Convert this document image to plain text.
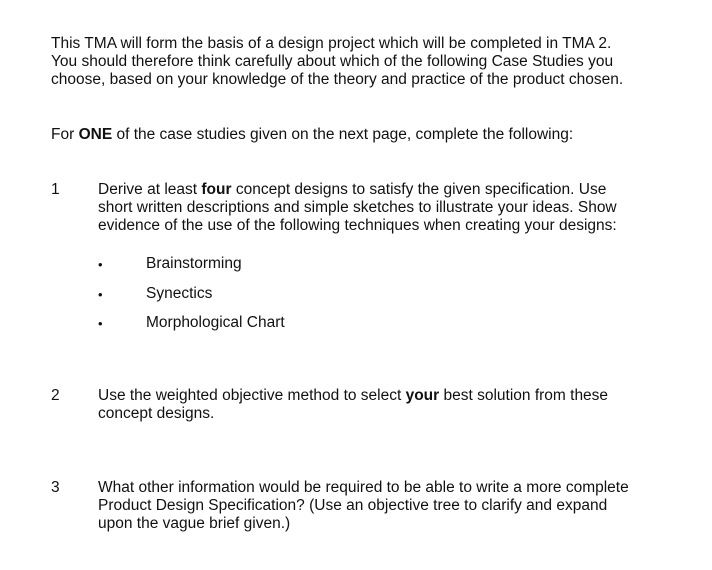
This TMA will form the basis of a design project which will be completed in TMA 2.
You should therefore think carefully about which of the following Case Studies you
choose, based on your knowledge of the theory and practice of the product chosen.
For ONE of the case studies given on the next page, complete the following:
1 Derive at least four concept designs to satisfy the given specification. Use
short written descriptions and simple sketches to illustrate your ideas. Show
evidence of the use of the following techniques when creating your designs:
•	Brainstorming
•	Synectics
•	Morphological Chart
2 Use the weighted objective method to select your best solution from these
concept designs.
3 What other information would be required to be able to write a more complete
Product Design Specification? (Use an objective tree to clarify and expand
upon the vague brief given.)
